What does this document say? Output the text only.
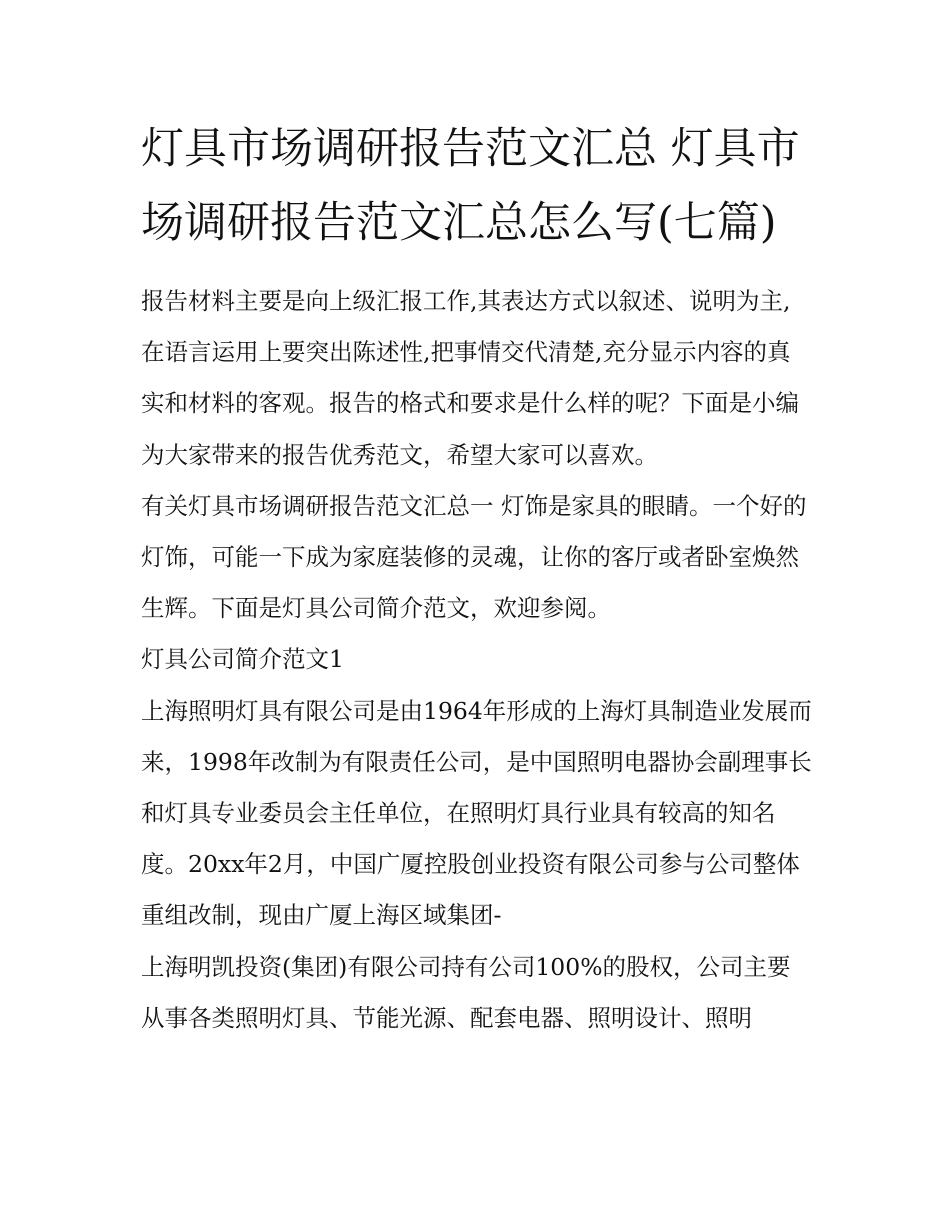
灯具市场调研报告范文汇总 灯具市场调研报告范文汇总怎么写(七篇)

报告材料主要是向上级汇报工作,其表达方式以叙述、说明为主,在语言运用上要突出陈述性,把事情交代清楚,充分显示内容的真实和材料的客观。报告的格式和要求是什么样的呢？下面是小编为大家带来的报告优秀范文，希望大家可以喜欢。

有关灯具市场调研报告范文汇总一 灯饰是家具的眼睛。一个好的灯饰，可能一下成为家庭装修的灵魂，让你的客厅或者卧室焕然生辉。下面是灯具公司简介范文，欢迎参阅。

灯具公司简介范文1

上海照明灯具有限公司是由1964年形成的上海灯具制造业发展而来，1998年改制为有限责任公司，是中国照明电器协会副理事长和灯具专业委员会主任单位，在照明灯具行业具有较高的知名度。20xx年2月，中国广厦控股创业投资有限公司参与公司整体重组改制，现由广厦上海区域集团-

上海明凯投资(集团)有限公司持有公司100%的股权，公司主要从事各类照明灯具、节能光源、配套电器、照明设计、照明
